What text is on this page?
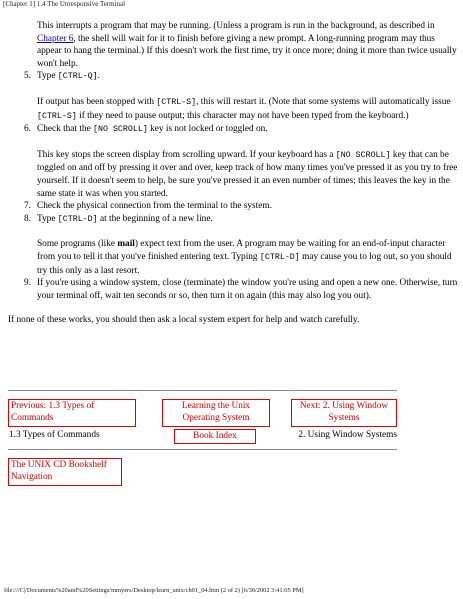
[Chapter 1] 1.4 The Unresponsive Terminal

This interrupts a program that may be running. (Unless a program is run in the background, as described in Chapter 6, the shell will wait for it to finish before giving a new prompt. A long-running program may thus appear to hang the terminal.) If this doesn't work the first time, try it once more; doing it more than twice usually won't help.

5. Type [CTRL-Q].

If output has been stopped with [CTRL-S], this will restart it. (Note that some systems will automatically issue [CTRL-S] if they need to pause output; this character may not have been typed from the keyboard.)

6. Check that the [NO SCROLL] key is not locked or toggled on.

This key stops the screen display from scrolling upward. If your keyboard has a [NO SCROLL] key that can be toggled on and off by pressing it over and over, keep track of how many times you've pressed it as you try to free yourself. If it doesn't seem to help, be sure you've pressed it an even number of times; this leaves the key in the same state it was when you started.

7. Check the physical connection from the terminal to the system.
8. Type [CTRL-D] at the beginning of a new line.

Some programs (like mail) expect text from the user. A program may be waiting for an end-of-input character from you to tell it that you've finished entering text. Typing [CTRL-D] may cause you to log out, so you should try this only as a last resort.

9. If you're using a window system, close (terminate) the window you're using and open a new one. Otherwise, turn your terminal off, wait ten seconds or so, then turn it on again (this may also log you out).

If none of these works, you should then ask a local system expert for help and watch carefully.

Previous: 1.3 Types of Commands
Learning the Unix Operating System
Next: 2. Using Window Systems
1.3 Types of Commands	Book Index	2. Using Window Systems
The UNIX CD Bookshelf Navigation
file:///C|/Documents%20and%20Settings/mmyers/Desktop/learn_unix/ch01_04.htm (2 of 2) [6/30/2002 3:41:05 PM]
